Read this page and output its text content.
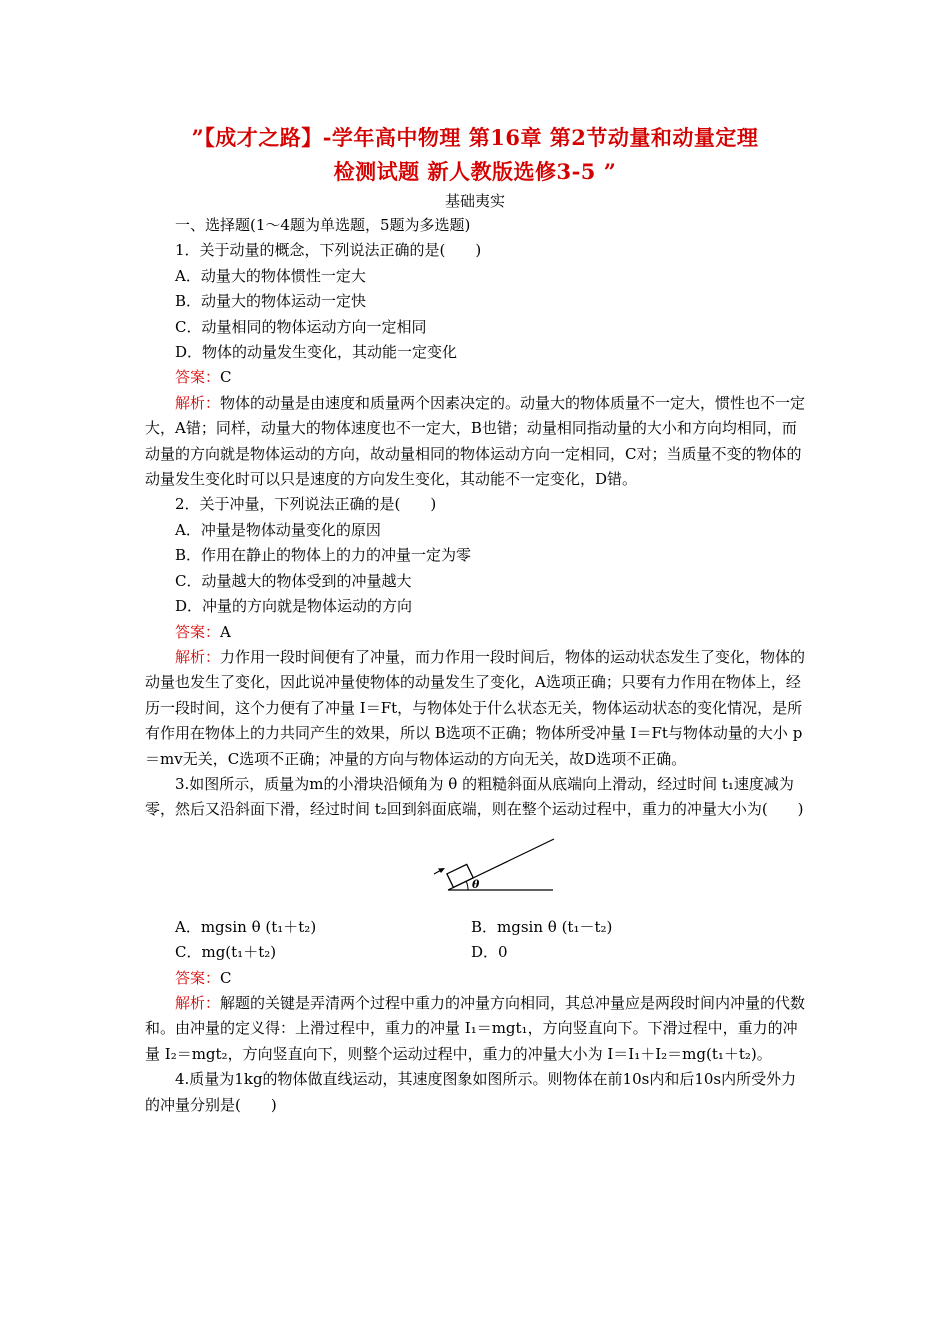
”【成才之路】-学年高中物理 第16章 第2节动量和动量定理
检测试题 新人教版选修3-5 ”
基础夷实

一、选择题(1～4题为单选题，5题为多选题)

1．关于动量的概念，下列说法正确的是(　　)

A．动量大的物体惯性一定大

B．动量大的物体运动一定快

C．动量相同的物体运动方向一定相同

D．物体的动量发生变化，其动能一定变化

答案：C

解析：物体的动量是由速度和质量两个因素决定的。动量大的物体质量不一定大，惯性也不一定大，A错；同样，动量大的物体速度也不一定大，B也错；动量相同指动量的大小和方向均相同，而动量的方向就是物体运动的方向，故动量相同的物体运动方向一定相同，C对；当质量不变的物体的动量发生变化时可以只是速度的方向发生变化，其动能不一定变化，D错。

2．关于冲量，下列说法正确的是(　　)

A．冲量是物体动量变化的原因

B．作用在静止的物体上的力的冲量一定为零

C．动量越大的物体受到的冲量越大

D．冲量的方向就是物体运动的方向

答案：A

解析：力作用一段时间便有了冲量，而力作用一段时间后，物体的运动状态发生了变化，物体的动量也发生了变化，因此说冲量使物体的动量发生了变化，A选项正确；只要有力作用在物体上，经历一段时间，这个力便有了冲量 I＝Ft，与物体处于什么状态无关，物体运动状态的变化情况，是所有作用在物体上的力共同产生的效果，所以 B选项不正确；物体所受冲量 I＝Ft与物体动量的大小 p＝mv无关，C选项不正确；冲量的方向与物体运动的方向无关，故D选项不正确。

3.如图所示，质量为m的小滑块沿倾角为 θ 的粗糙斜面从底端向上滑动，经过时间 t₁速度减为零，然后又沿斜面下滑，经过时间 t₂回到斜面底端，则在整个运动过程中，重力的冲量大小为(　　)

θ
A．mgsin θ (t₁＋t₂)	B．mgsin θ (t₁－t₂)
C．mg(t₁＋t₂)	D．0

答案：C

解析：解题的关键是弄清两个过程中重力的冲量方向相同，其总冲量应是两段时间内冲量的代数和。由冲量的定义得：上滑过程中，重力的冲量 I₁＝mgt₁，方向竖直向下。下滑过程中，重力的冲量 I₂＝mgt₂，方向竖直向下，则整个运动过程中，重力的冲量大小为 I＝I₁＋I₂＝mg(t₁＋t₂)。

4.质量为1kg的物体做直线运动，其速度图象如图所示。则物体在前10s内和后10s内所受外力的冲量分别是(　　)
